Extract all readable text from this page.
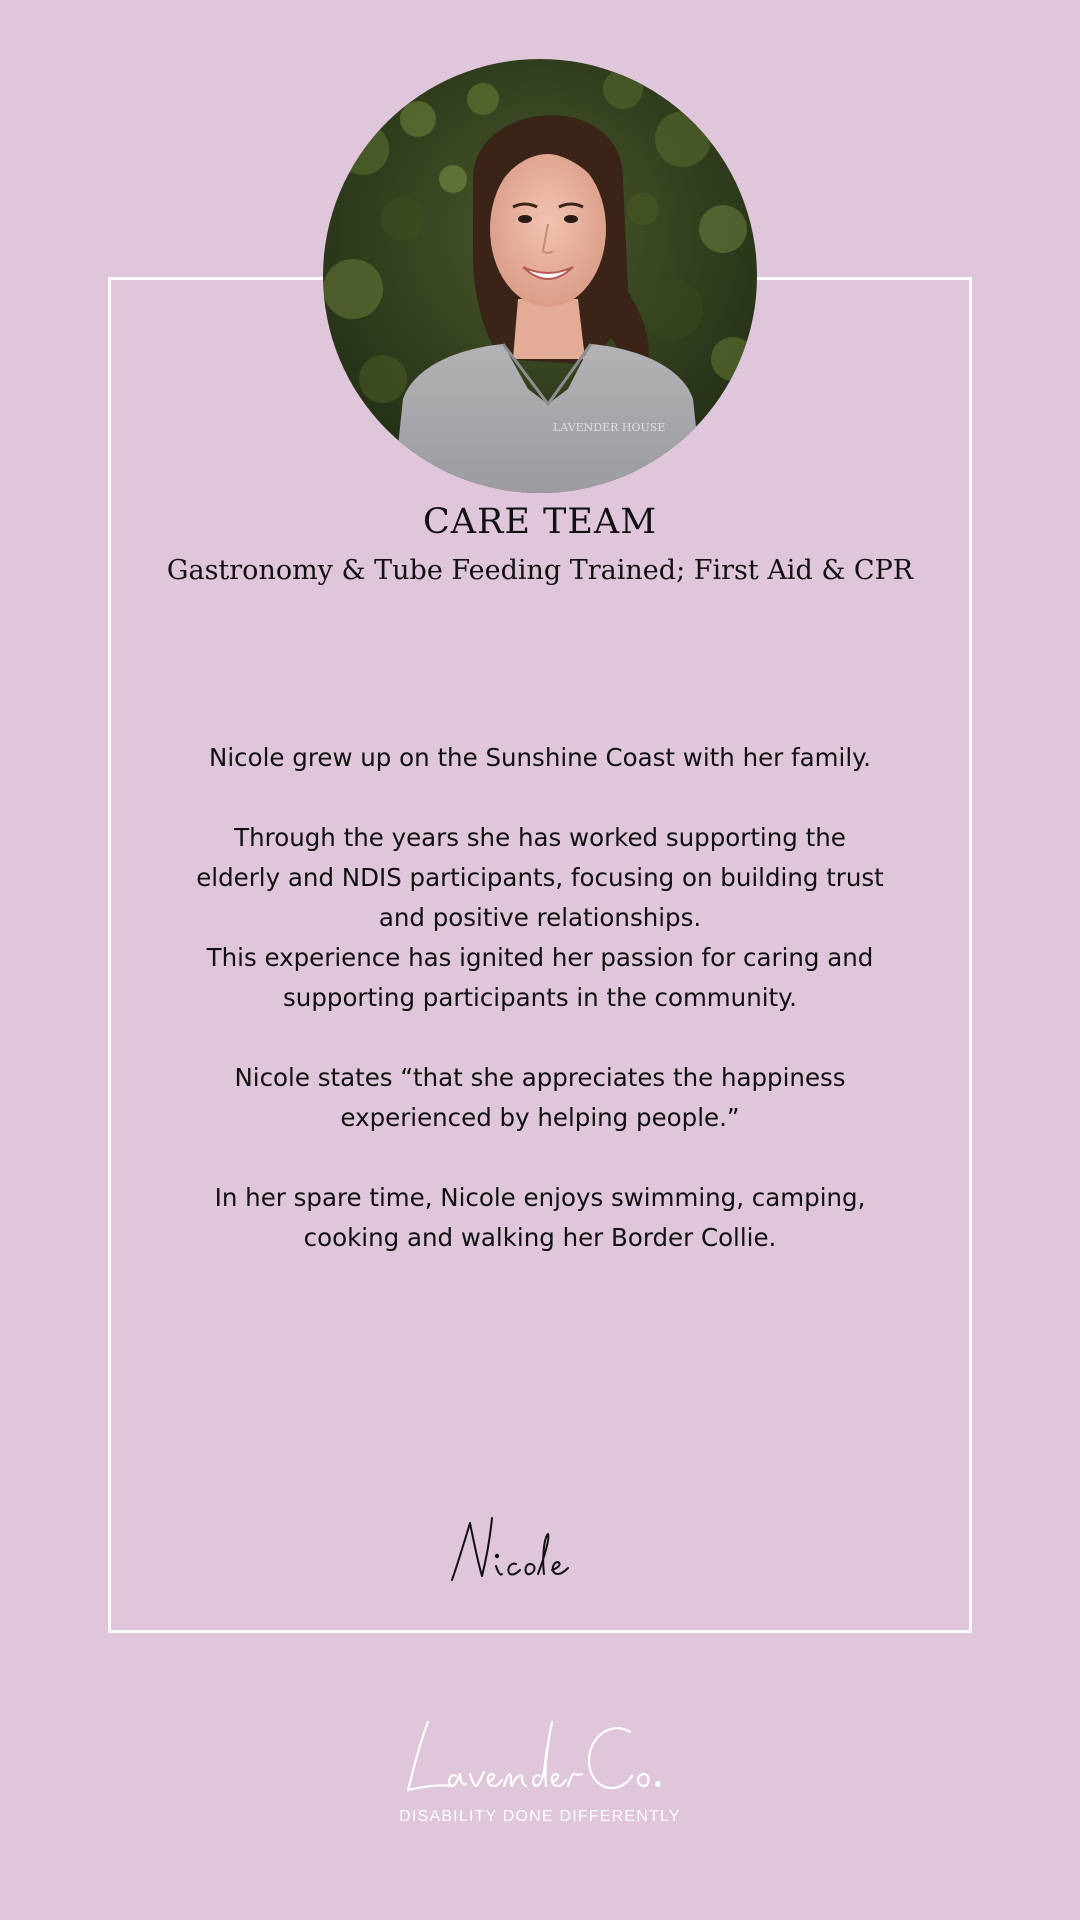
LAVENDER HOUSE
CARE TEAM
Gastronomy & Tube Feeding Trained; First Aid & CPR

Nicole grew up on the Sunshine Coast with her family.

Through the years she has worked supporting the
elderly and NDIS participants, focusing on building trust
and positive relationships.
This experience has ignited her passion for caring and
supporting participants in the community.

Nicole states “that she appreciates the happiness
experienced by helping people.”

In her spare time, Nicole enjoys swimming, camping,
cooking and walking her Border Collie.

DISABILITY DONE DIFFERENTLY
